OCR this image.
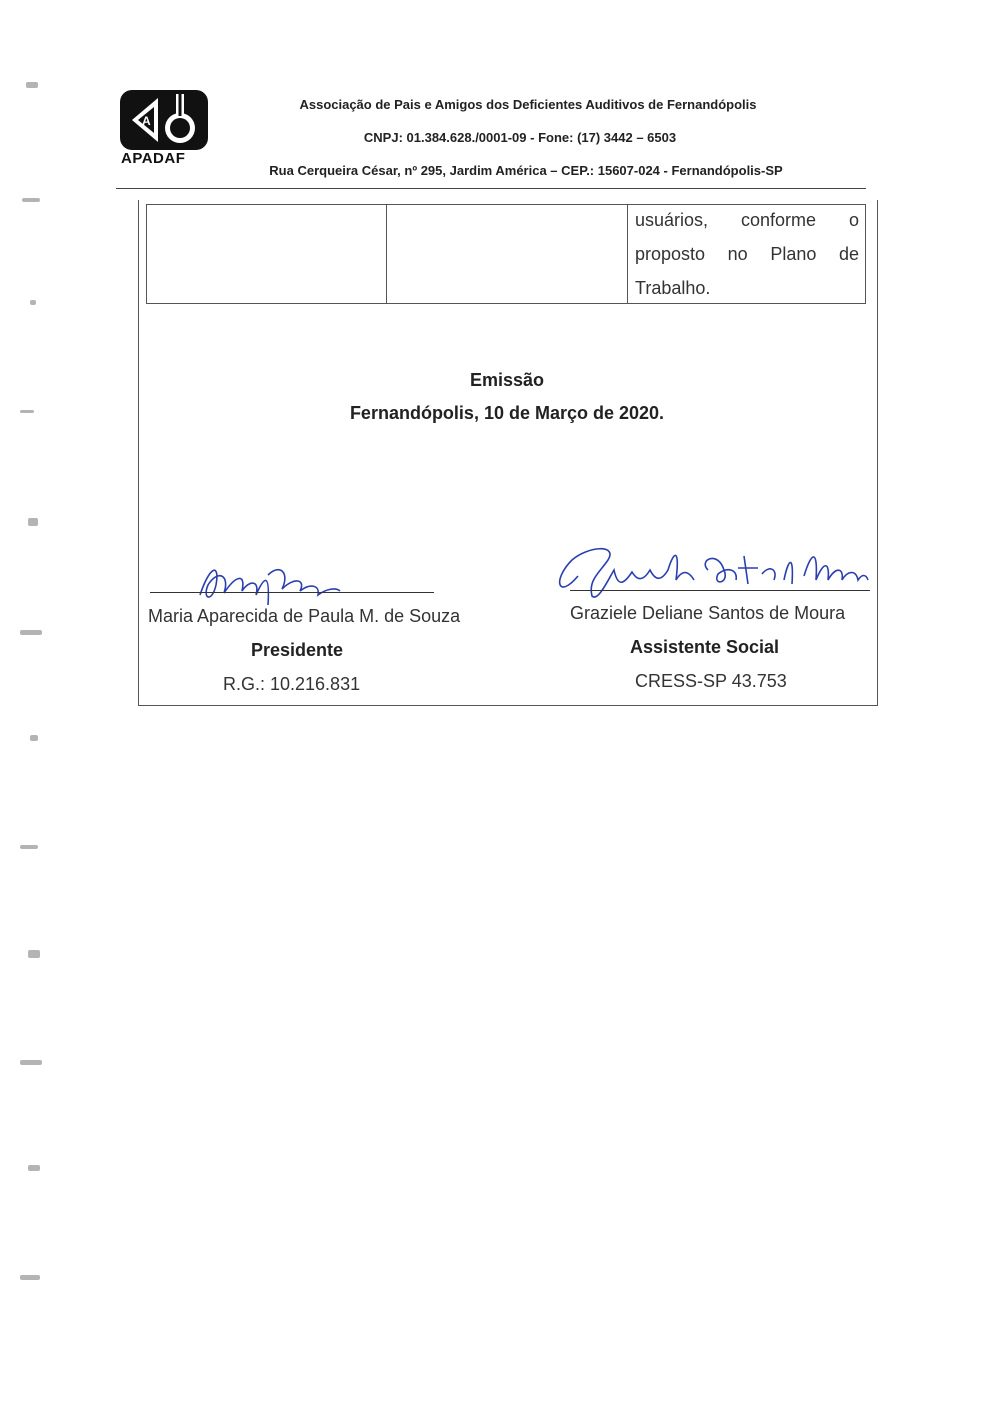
A
APADAF
Associação de Pais e Amigos dos Deficientes Auditivos de Fernandópolis
CNPJ: 01.384.628./0001-09 - Fone: (17) 3442 – 6503
Rua Cerqueira César, nº 295, Jardim América – CEP.: 15607-024 - Fernandópolis-SP
usuários, conforme o
proposto no Plano de
Trabalho.
Emissão
Fernandópolis, 10 de Março de 2020.
Maria Aparecida de Paula M. de Souza	Graziele Deliane Santos de Moura
Presidente	Assistente Social
R.G.: 10.216.831	CRESS-SP 43.753
